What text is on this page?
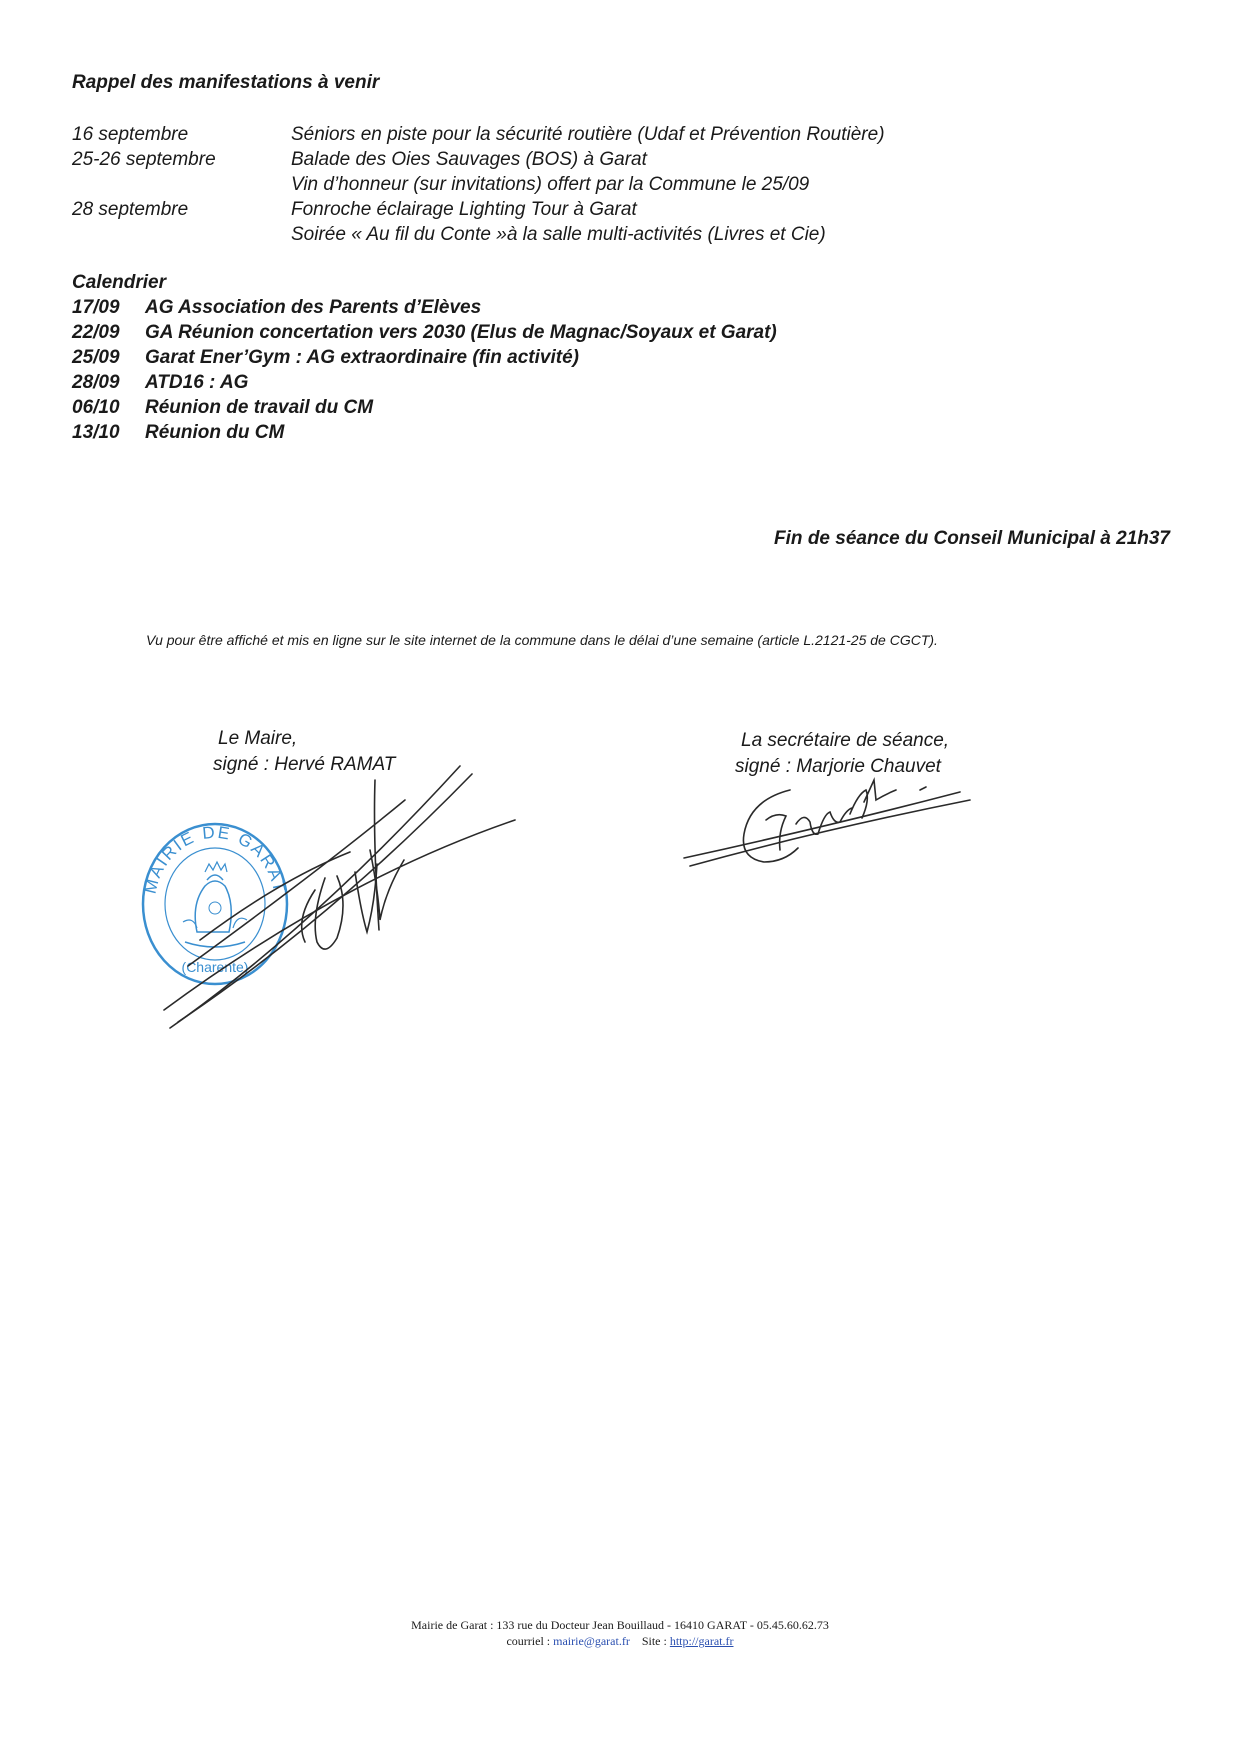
Rappel des manifestations à venir
16 septembre	Séniors en piste pour la sécurité routière (Udaf et Prévention Routière)
25-26 septembre	Balade des Oies Sauvages (BOS) à Garat
Vin d’honneur (sur invitations) offert par la Commune le 25/09
28 septembre	Fonroche éclairage Lighting Tour à Garat
Soirée « Au fil du Conte »à la salle multi-activités (Livres et Cie)
Calendrier
17/09 AG Association des Parents d’Elèves
22/09 GA Réunion concertation vers 2030 (Elus de Magnac/Soyaux et Garat)
25/09 Garat Ener’Gym : AG extraordinaire (fin activité)
28/09 ATD16 : AG
06/10 Réunion de travail du CM
13/10 Réunion du CM
Fin de séance du Conseil Municipal à 21h37
Vu pour être affiché et mis en ligne sur le site internet de la commune dans le délai d’une semaine (article L.2121-25 de CGCT).
Le Maire,
signé : Hervé RAMAT
La secrétaire de séance,
signé : Marjorie Chauvet
MAIRIE DE GARAT
(Charente)
Mairie de Garat : 133 rue du Docteur Jean Bouillaud - 16410 GARAT - 05.45.60.62.73
courriel : mairie@garat.fr Site : http://garat.fr
